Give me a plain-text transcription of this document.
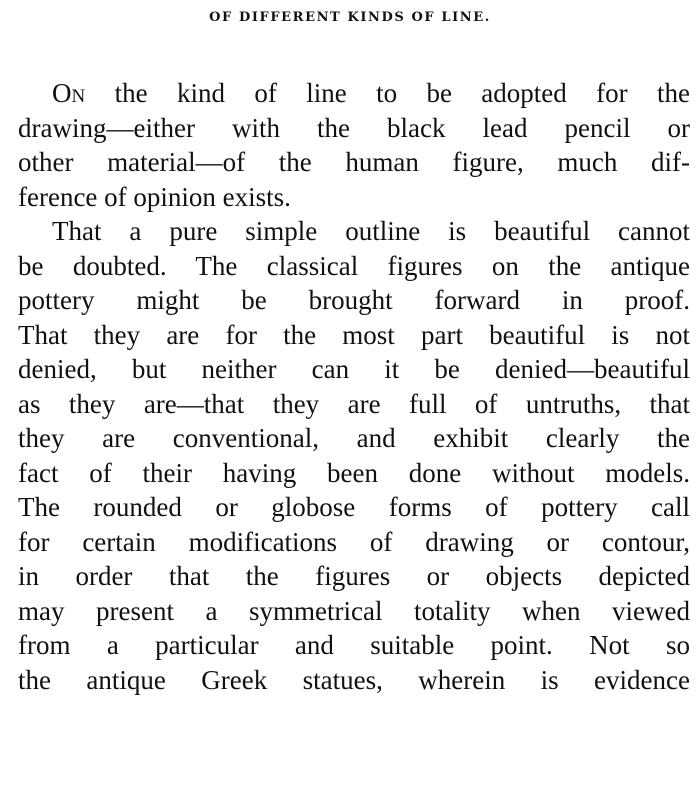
OF DIFFERENT KINDS OF LINE.
On the kind of line to be adopted for the
drawing—either with the black lead pencil or
other material—of the human figure, much dif-
ference of opinion exists.
That a pure simple outline is beautiful cannot
be doubted. The classical figures on the antique
pottery might be brought forward in proof.
That they are for the most part beautiful is not
denied, but neither can it be denied—beautiful
as they are—that they are full of untruths, that
they are conventional, and exhibit clearly the
fact of their having been done without models.
The rounded or globose forms of pottery call
for certain modifications of drawing or contour,
in order that the figures or objects depicted
may present a symmetrical totality when viewed
from a particular and suitable point. Not so
the antique Greek statues, wherein is evidence
